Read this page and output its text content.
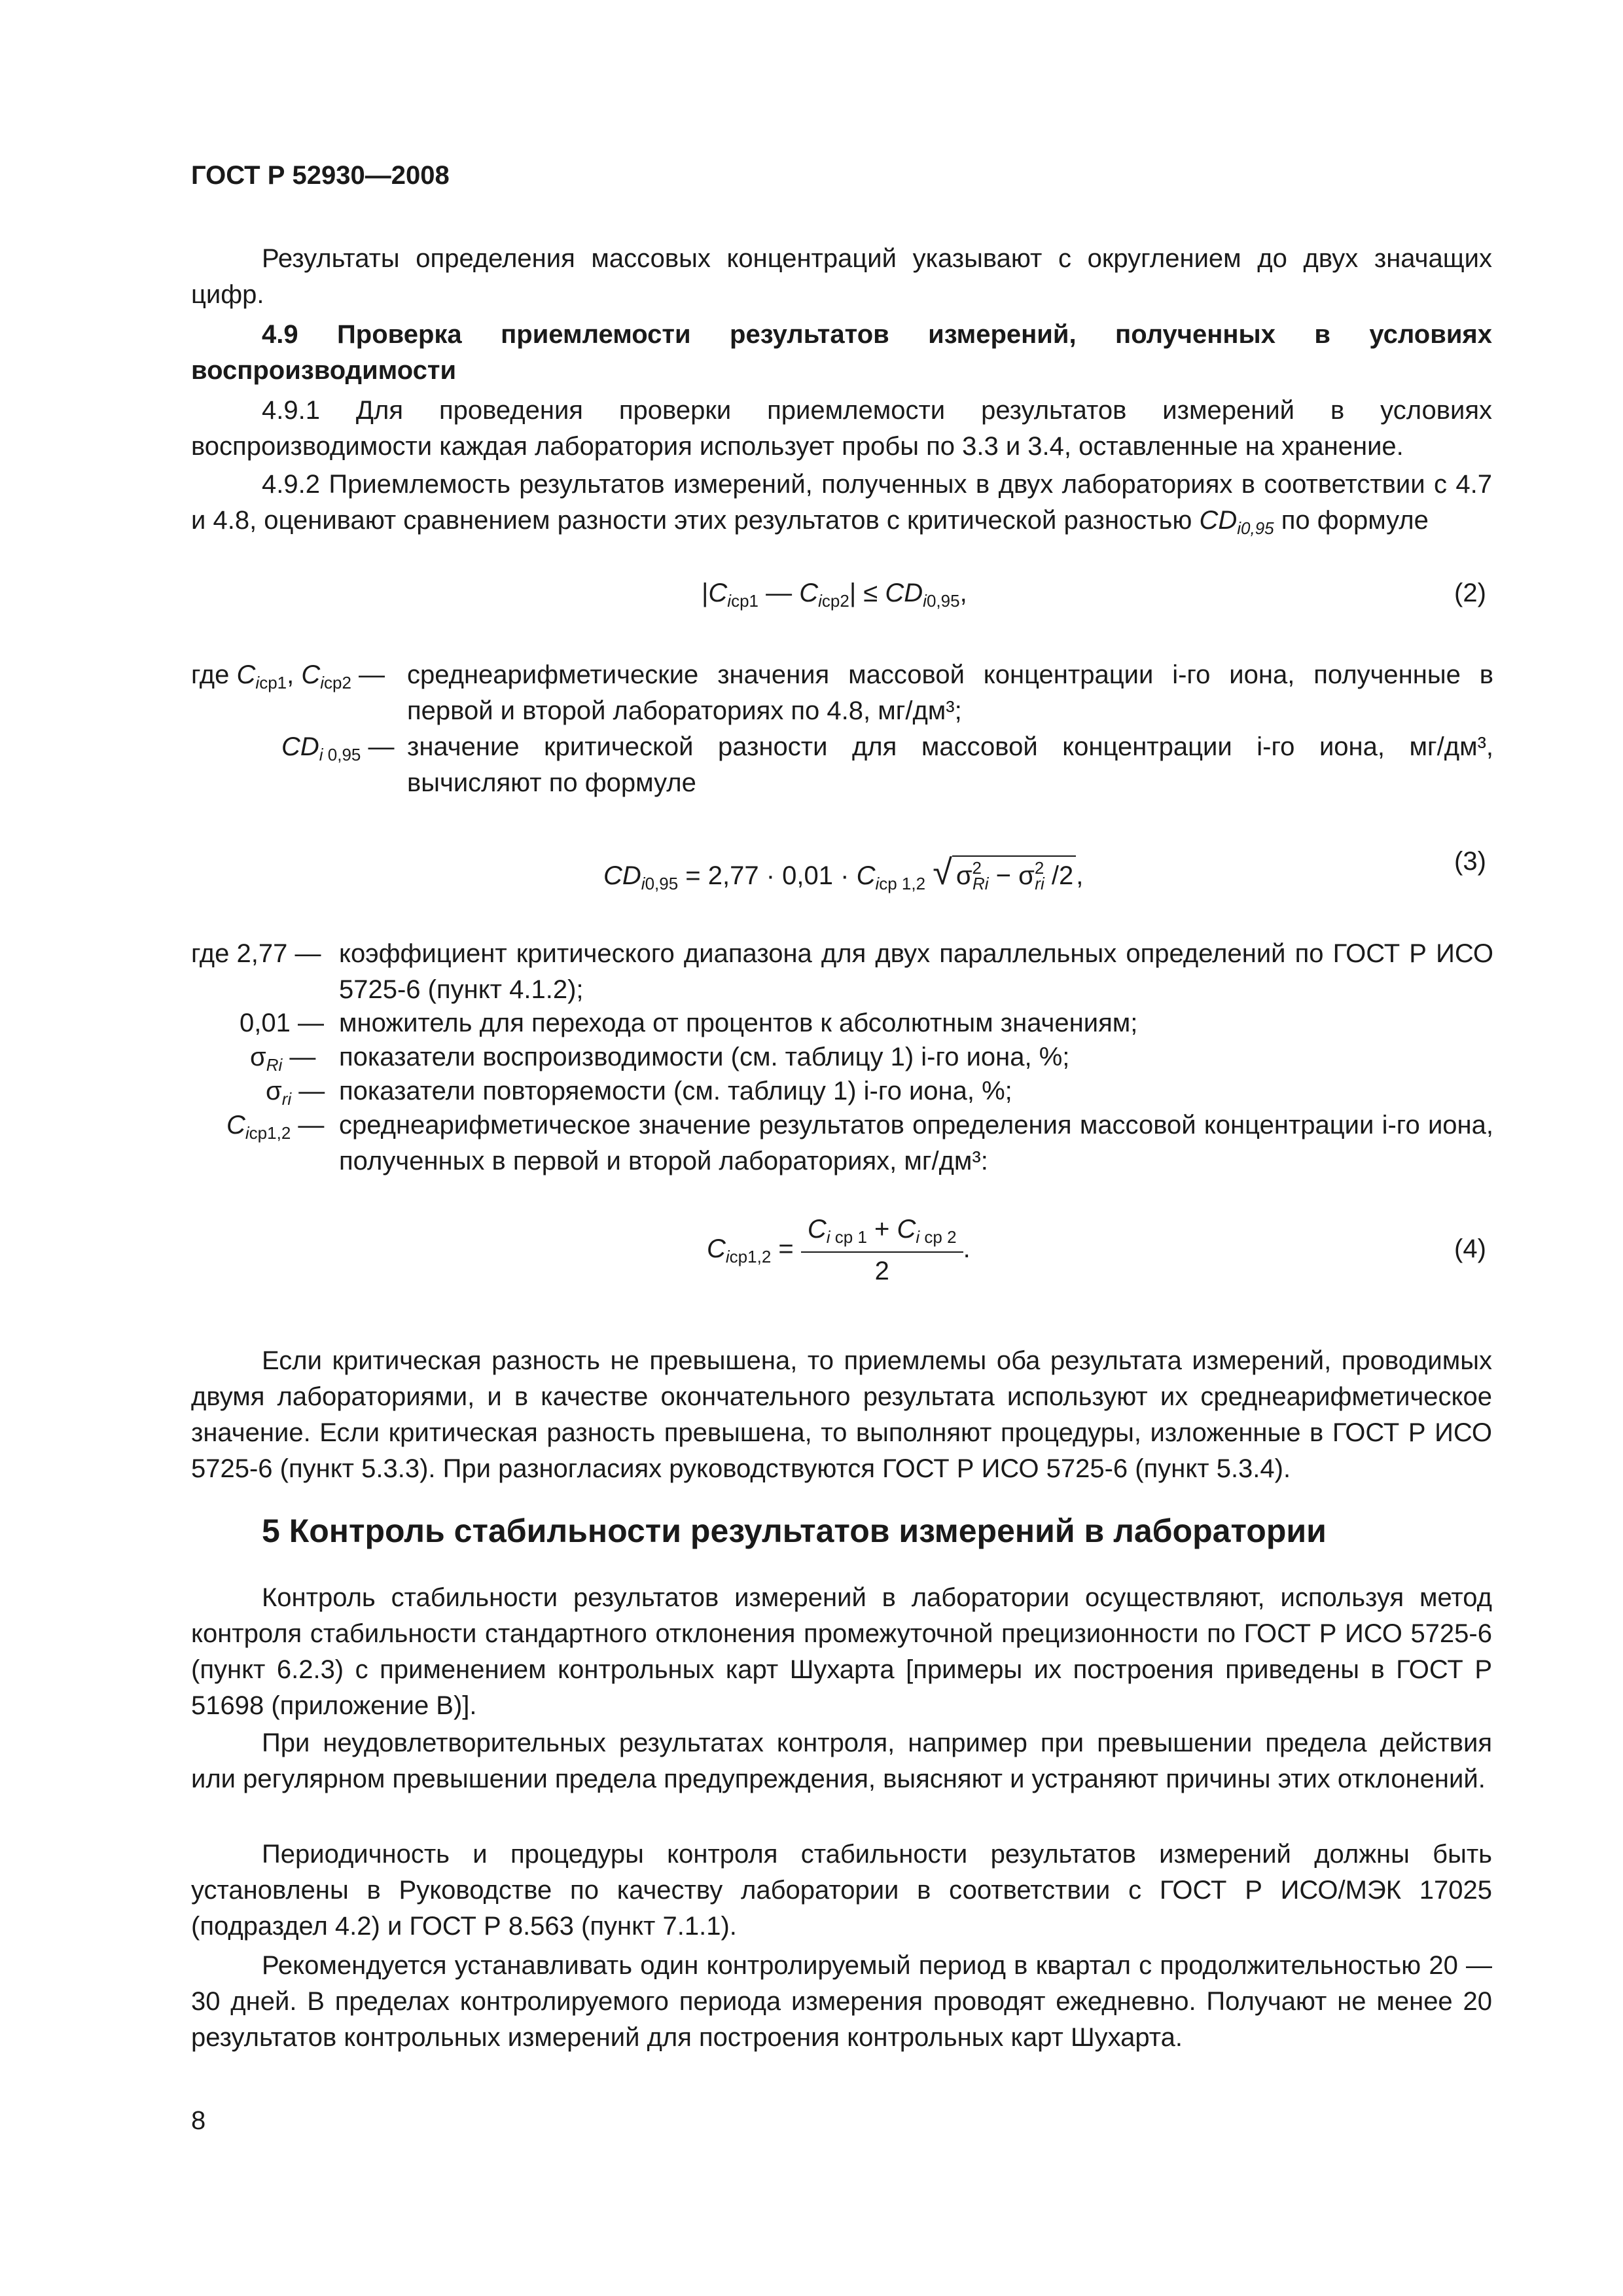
ГОСТ Р 52930—2008
Результаты определения массовых концентраций указывают с округлением до двух значащих цифр.
4.9 Проверка приемлемости результатов измерений, полученных в условиях воспроизводимости
4.9.1 Для проведения проверки приемлемости результатов измерений в условиях воспроизводимости каждая лаборатория использует пробы по 3.3 и 3.4, оставленные на хранение.
4.9.2 Приемлемость результатов измерений, полученных в двух лабораториях в соответствии с 4.7 и 4.8, оценивают сравнением разности этих результатов с критической разностью $CD_{i0,95}$ по формуле
$|C_{iср1}$ — $C_{iср2}| \le CD_{i0,95}$,	(2)
где $C_{iср1}$, $C_{iср2}$ — среднеарифметические значения массовой концентрации i-го иона, полученные в первой и второй лабораториях по 4.8, мг/дм³;
$CD_{i 0,95}$ — значение критической разности для массовой концентрации i-го иона, мг/дм³, вычисляют по формуле
$CD_{i0,95} = 2,77 \cdot 0,01 \cdot C_{iср 1,2}$ √ $\sigma^2_{Ri} - \sigma^2_{ri}$ /2 ,	(3)
где 2,77 — коэффициент критического диапазона для двух параллельных определений по ГОСТ Р ИСО 5725-6 (пункт 4.1.2);
0,01 — множитель для перехода от процентов к абсолютным значениям;
$\sigma_{Ri}$ — показатели воспроизводимости (см. таблицу 1) i-го иона, %;
$\sigma_{ri}$ — показатели повторяемости (см. таблицу 1) i-го иона, %;
$C_{iср1,2}$ — среднеарифметическое значение результатов определения массовой концентрации i-го иона, полученных в первой и второй лабораториях, мг/дм³:
$C_{iср1,2} = \frac{C_{i ср 1} + C_{i ср 2}}{2}$ .	(4)
Если критическая разность не превышена, то приемлемы оба результата измерений, проводимых двумя лабораториями, и в качестве окончательного результата используют их среднеарифметическое значение. Если критическая разность превышена, то выполняют процедуры, изложенные в ГОСТ Р ИСО 5725-6 (пункт 5.3.3). При разногласиях руководствуются ГОСТ Р ИСО 5725-6 (пункт 5.3.4).
5 Контроль стабильности результатов измерений в лаборатории
Контроль стабильности результатов измерений в лаборатории осуществляют, используя метод контроля стабильности стандартного отклонения промежуточной прецизионности по ГОСТ Р ИСО 5725-6 (пункт 6.2.3) с применением контрольных карт Шухарта [примеры их построения приведены в ГОСТ Р 51698 (приложение В)].
При неудовлетворительных результатах контроля, например при превышении предела действия или регулярном превышении предела предупреждения, выясняют и устраняют причины этих отклонений.
Периодичность и процедуры контроля стабильности результатов измерений должны быть установлены в Руководстве по качеству лаборатории в соответствии с ГОСТ Р ИСО/МЭК 17025 (подраздел 4.2) и ГОСТ Р 8.563 (пункт 7.1.1).
Рекомендуется устанавливать один контролируемый период в квартал с продолжительностью 20 — 30 дней. В пределах контролируемого периода измерения проводят ежедневно. Получают не менее 20 результатов контрольных измерений для построения контрольных карт Шухарта.
8
